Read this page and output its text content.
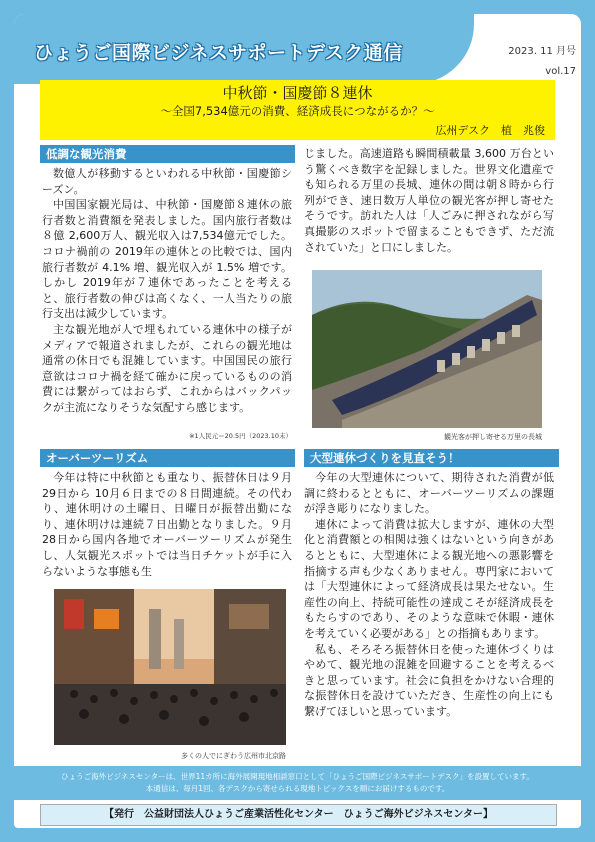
ひょうご国際ビジネスサポートデスク通信	2023. 11 月号
vol.17
中秋節・国慶節８連休
～全国7,534億元の消費、経済成長につながるか？～
広州デスク　植　兆俊
低調な観光消費

数億人が移動するといわれる中秋節・国慶節シーズン。

中国国家観光局は、中秋節・国慶節８連休の旅行者数と消費額を発表しました。国内旅行者数は８億 2,600万人、観光収入は7,534億元でした。コロナ禍前の 2019年の連休との比較では、国内旅行者数が 4.1% 増、観光収入が 1.5% 増です。しかし 2019年が７連休であったことを考えると、旅行者数の伸びは高くなく、一人当たりの旅行支出は減少しています。

主な観光地が人で埋もれている連休中の様子がメディアで報道されましたが、これらの観光地は通常の休日でも混雑しています。中国国民の旅行意欲はコロナ禍を経て確かに戻っているものの消費には繋がってはおらず、これからはバックパックが主流になりそうな気配すら感じます。

※1人民元＝20.5円（2023.10末）

じました。高速道路も瞬間積載量 3,600 万台という驚くべき数字を記録しました。世界文化遺産でも知られる万里の長城、連休の間は朝８時から行列ができ、速日数万人単位の観光客が押し寄せたそうです。訪れた人は「人ごみに押されながら写真撮影のスポットで留まることもできず、ただ流されていた」と口にしました。

観光客が押し寄せる万里の長城
オーバーツーリズム

今年は特に中秋節とも重なり、振替休日は９月 29日から 10月６日までの８日間連続。その代わり、連休明けの土曜日、日曜日が振替出勤になり、連休明けは連続７日出勤となりました。９月 28日から国内各地でオーバーツーリズムが発生し、人気観光スポットでは当日チケットが手に入らないような事態も生

多くの人でにぎわう広州市北京路
大型連休づくりを見直そう！

今年の大型連休について、期待された消費が低調に終わるとともに、オーバーツーリズムの課題が浮き彫りになりました。

連休によって消費は拡大しますが、連休の大型化と消費額との相関は強くはないという向きがあるとともに、大型連休による観光地への悪影響を指摘する声も少なくありません。専門家においては「大型連休によって経済成長は果たせない。生産性の向上、持続可能性の達成こそが経済成長をもたらすのであり、そのような意味で休暇・連休を考えていく必要がある」との指摘もあります。

私も、そろそろ振替休日を使った連休づくりはやめて、観光地の混雑を回避することを考えるべきと思っています。社会に負担をかけない合理的な振替休日を設けていただき、生産性の向上にも繋げてほしいと思っています。

ひょうご海外ビジネスセンターは、世界11カ所に海外展開現地相談窓口として「ひょうご国際ビジネスサポートデスク」を設置しています。
本通信は、毎月1回、各デスクから寄せられる現地トピックスを順にお届けするものです。
【発行　公益財団法人ひょうご産業活性化センター　ひょうご海外ビジネスセンター】
